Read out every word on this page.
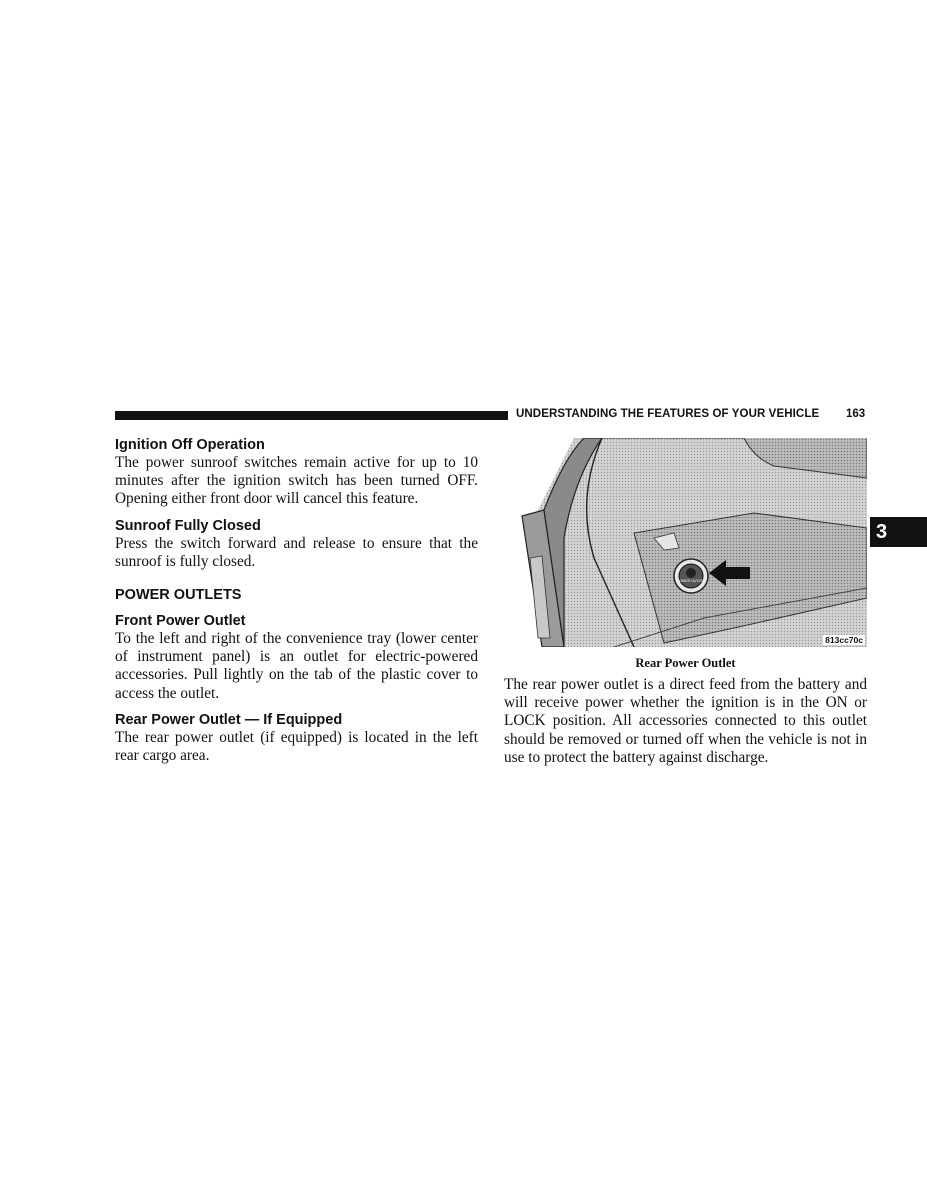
UNDERSTANDING THE FEATURES OF YOUR VEHICLE 163
3
Ignition Off Operation

The power sunroof switches remain active for up to 10 minutes after the ignition switch has been turned OFF. Opening either front door will cancel this feature.

Sunroof Fully Closed

Press the switch forward and release to ensure that the sunroof is fully closed.

POWER OUTLETS
Front Power Outlet

To the left and right of the convenience tray (lower center of instrument panel) is an outlet for electric-powered accessories. Pull lightly on the tab of the plastic cover to access the outlet.

Rear Power Outlet — If Equipped

The rear power outlet (if equipped) is located in the left rear cargo area.

POWER OUTLET
813cc70c
Rear Power Outlet

The rear power outlet is a direct feed from the battery and will receive power whether the ignition is in the ON or LOCK position. All accessories connected to this outlet should be removed or turned off when the vehicle is not in use to protect the battery against discharge.
